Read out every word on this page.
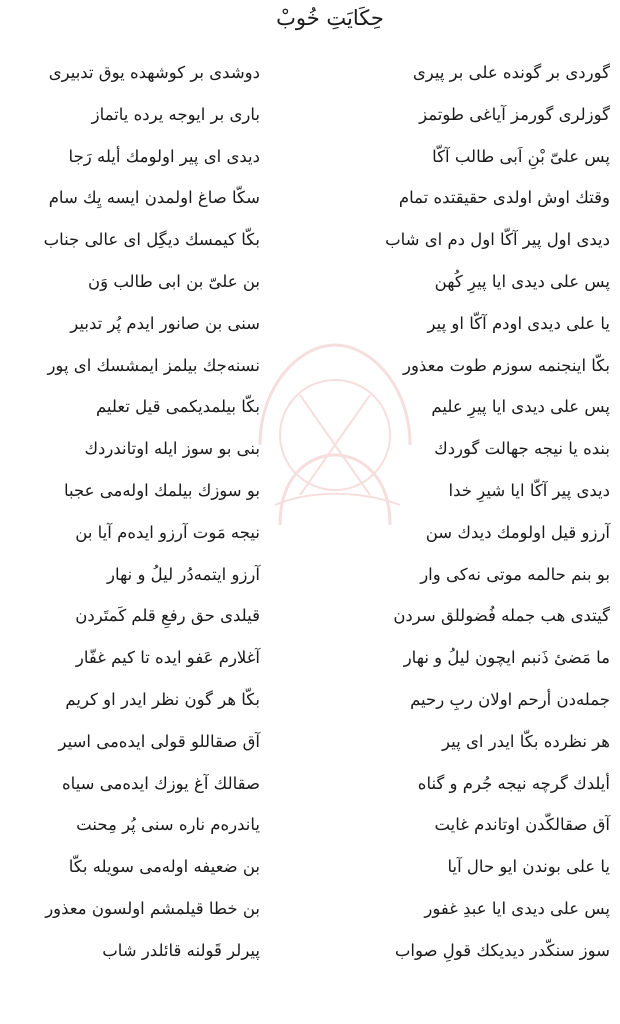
حِكَايَتِ خُوبْ
گوردی بر گونده علی بر پیری
دوشدی بر کوشهده یوق تدبیری
گوزلری گورمز آیاغی طوتمز
باری بر ایوجه یرده یاتماز
پس علیّ بْنِ اَبی طالب آكّا
دیدی ای پیر اولومك أیله رَجا
وقتك اوش اولدی حقیقتده تمام
سكّا صاغ اولمدن ایسه یِك سام
دیدی اول پیر آكّا اول دم ای شاب
بكّا کیمسك دیگِل ای عالی جناب
پس علی دیدی ایا پیرِ كُهن
بن علیّ بن ابی طالب وَن
یا علی دیدی اودم آكّا او پیر
سنی بن صانور ایدم پُر تدبیر
بكّا اینجنمه سوزم طوت معذور
نسنه‌جك بیلمز ایمشسك ای پور
پس علی دیدی ایا پیرِ علیم
بكّا بیلمدیكمی قیل تعلیم
بنده یا نیجه جهالت گوردك
بنی بو سوز ایله اوتاندردك
دیدی پیر آكّا ایا شیرِ خدا
بو سوزك بیلمك اولەمی عجبا
آرزو قیل اولومك دیدك سن
نیجه مَوت آرزو ایدەم آیا بن
بو بنم حالمه موتی نه‌کی وار
آرزو ایتمه‌دُر لیلُ و نهار
گیتدی هب جمله فُضوللق سردن
قیلدی حق رفعِ قلم كَمتَردن
ما مَضیٔ ذَنبم ایچون لیلُ و نهار
آغلارم عَفو ایده تا كیم غفّار
جمله‌دن أرحم اولان ربِ رحیم
بكّا هر گون نظر ایدر او كریم
هر نظرده بكّا ایدر ای پیر
آق صقاللو قولی ایدەمی اسیر
أیلدك گرچه نیجه جُرم و گناه
صقالك آغ یوزك ایدەمی سیاه
آق صقالكّدن اوتاندم غایت
یاندرەم ناره سنی پُر مِحنت
یا علی بوندن ایو حال آیا
بن ضعیفه اولەمی سویله بكّا
پس علی دیدی ایا عبدِ غفور
بن خطا قیلمشم اولسون معذور
سوز سنكّدر دیدیكك قولِ صواب
پیرلر قَولنه قائلدر شاب
